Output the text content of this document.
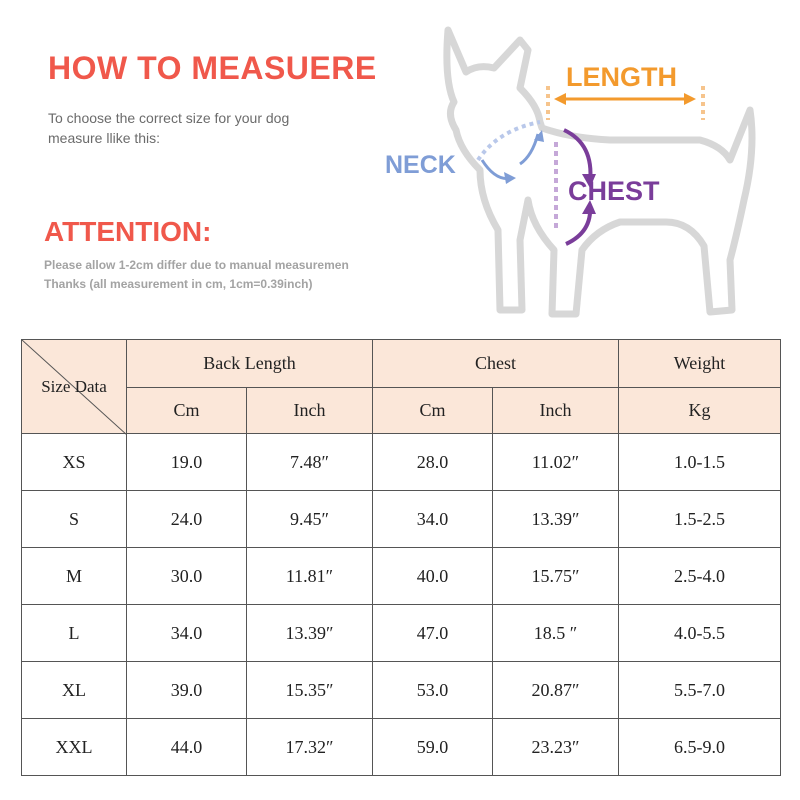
HOW TO MEASUERE
To choose the correct size for your dog
measure llike this:
ATTENTION:
Please allow 1-2cm differ due to manual measuremen
Thanks (all measurement in cm, 1cm=0.39inch)
LENGTH
NECK
CHEST
Size Data	Back Length		Chest		Weight
	Cm	Inch	Cm	Inch	Kg
XS	19.0	7.48″	28.0	11.02″	1.0-1.5
S	24.0	9.45″	34.0	13.39″	1.5-2.5
M	30.0	11.81″	40.0	15.75″	2.5-4.0
L	34.0	13.39″	47.0	18.5 ″	4.0-5.5
XL	39.0	15.35″	53.0	20.87″	5.5-7.0
XXL	44.0	17.32″	59.0	23.23″	6.5-9.0
